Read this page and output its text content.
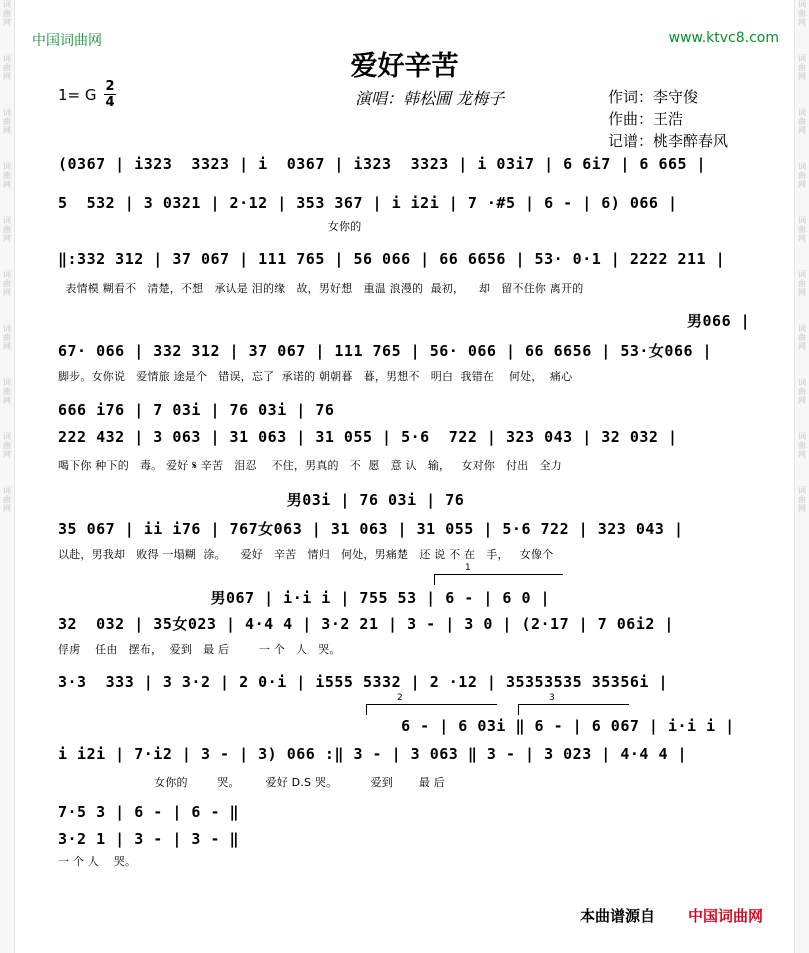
词
曲
网

词
曲
网

词
曲
网

词
曲
网

词
曲
网

词
曲
网

词
曲
网

词
曲
网

词
曲
网

词
曲
网
词
曲
网

词
曲
网

词
曲
网

词
曲
网

词
曲
网

词
曲
网

词
曲
网

词
曲
网

词
曲
网

词
曲
网
中国词曲网	www.ktvc8.com
爱好辛苦
1= G 2
4	演唱：韩松圃 龙梅子	作词：李守俊
作曲：王浩
记谱：桃李醉春风
1
2	3
(0367 | i323  3323 | i  0367 | i323  3323 | i 03i7 | 6 6i7 | 6 665 |
5  532 | 3 0321 | 2·12 | 353 367 | i i2i | 7 ·#5 | 6 - | 6) 066 |
女你的
‖:332 312 | 37 067 | 111 765 | 56 066 | 66 6656 | 53· 0·1 | 2222 211 |
表情模 糊看不   清楚，不想   承认是 泪的缘   故，男好想   重温 浪漫的  最初，    却   留不住你 离开的
男066 |
67· 066 | 332 312 | 37 067 | 111 765 | 56· 066 | 66 6656 | 53·女066 |
脚步。女你说   爱情旅 途是个   错误，忘了  承诺的 朝朝暮   暮，男想不   明白  我错在    何处，  痛心
666 i76 | 7 03i | 76 03i | 76
222 432 | 3 063 | 31 063 | 31 055 | 5·6  722 | 323 043 | 32 032 |
喝下你 种下的   毒。 爱好 𝄋 辛苦   泪忍    不住，男真的   不  愿   意 认   输，   女对你   付出   全力
男03i | 76 03i | 76
35 067 | ii i76 | 767女063 | 31 063 | 31 055 | 5·6 722 | 323 043 |
以赴，男我却   败得 一塌糊  涂。    爱好   辛苦   情归   何处，男痛楚   还 说 不 在   手，   女像个
男067 | i·i i | 755 53 | 6 - | 6 0 |
32  032 | 35女023 | 4·4 4 | 3·2 21 | 3 - | 3 0 | (2·17 | 7 06i2 |
俘虏    任由   摆布，  爱到   最 后        一 个   人   哭。
3·3  333 | 3 3·2 | 2 0·i | i555 5332 | 2 ·12 | 35353535 35356i |
6 - | 6 03i ‖ 6 - | 6 067 | i·i i |
i i2i | 7·i2 | 3 - | 3) 066 :‖ 3 - | 3 063 ‖ 3 - | 3 023 | 4·4 4 |
女你的        哭。       爱好 D.S 哭。         爱到       最 后
7·5 3 | 6 - | 6 - ‖
3·2 1 | 3 - | 3 - ‖
一 个 人    哭。
本曲谱源自 中国词曲网
